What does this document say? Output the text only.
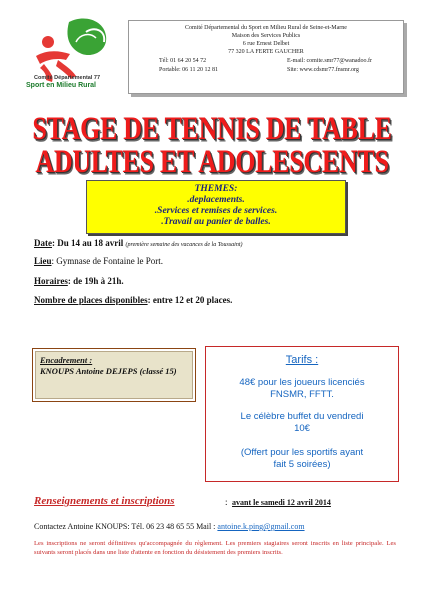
Comité Départemental 77
Sport en Milieu Rural
Comité Départemental du Sport en Milieu Rural de Seine-et-Marne
Maison des Services Publics
6 rue Ernest Delbet
77 320 LA FERTE GAUCHER
Tél: 01 64 20 54 72	E-mail: comite.smr77@wanadoo.fr
Portable: 06 11 20 12 81	Site: www.cdsmr77.fnsmr.org
STAGE DE TENNIS DE TABLE
ADULTES ET ADOLESCENTS
THEMES:
.deplacements.
.Services et remises de services.
.Travail au panier de balles.
Date: Du 14 au 18 avril (première semaine des vacances de la Toussaint)
Lieu: Gymnase de Fontaine le Port.
Horaires: de 19h à 21h.
Nombre de places disponibles: entre 12 et 20 places.
Encadrement :
KNOUPS Antoine DEJEPS (classé 15)
Tarifs :
48€ pour les joueurs licenciés
FNSMR, FFTT.
Le célèbre buffet du vendredi
10€
(Offert pour les sportifs ayant
fait 5 soirées)
Renseignements et inscriptions	: avant le samedi 12 avril 2014
Contactez Antoine KNOUPS: Tél. 06 23 48 65 55 Mail : antoine.k.ping@gmail.com
Les inscriptions ne seront définitives qu'accompagnée du règlement. Les premiers stagiaires seront inscrits en liste principale. Les suivants seront placés dans une liste d'attente en fonction du désistement des premiers inscrits.
